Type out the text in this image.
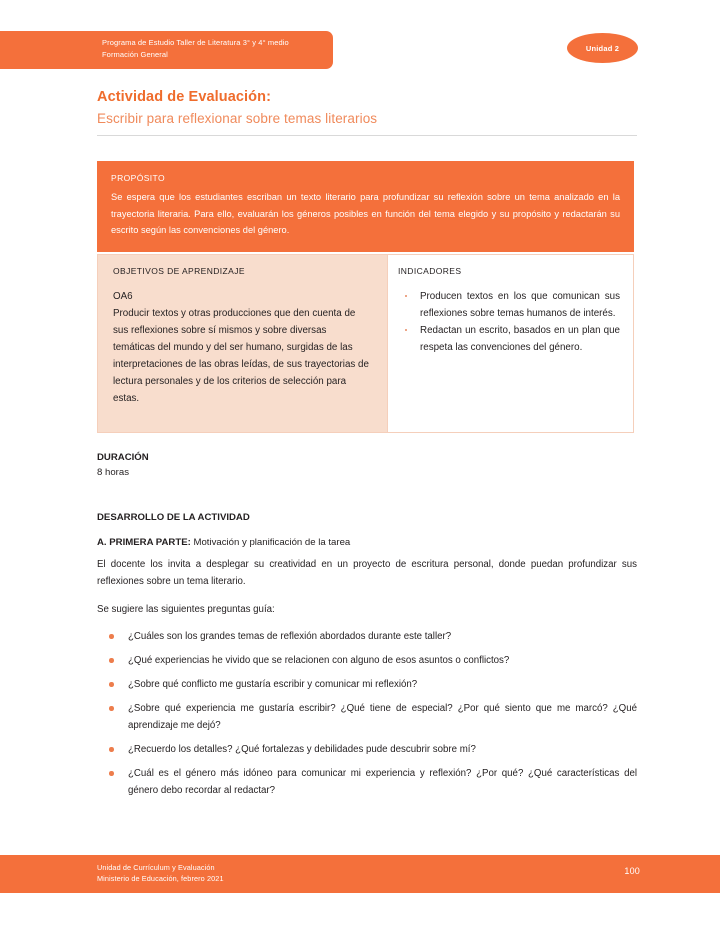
Programa de Estudio Taller de Literatura 3° y 4° medio
Formación General
Unidad 2
Actividad de Evaluación:
Escribir para reflexionar sobre temas literarios
PROPÓSITO
Se espera que los estudiantes escriban un texto literario para profundizar su reflexión sobre un tema analizado en la trayectoria literaria. Para ello, evaluarán los géneros posibles en función del tema elegido y su propósito y redactarán su escrito según las convenciones del género.
OBJETIVOS DE APRENDIZAJE
OA6
Producir textos y otras producciones que den cuenta de sus reflexiones sobre sí mismos y sobre diversas temáticas del mundo y del ser humano, surgidas de las interpretaciones de las obras leídas, de sus trayectorias de lectura personales y de los criterios de selección para estas.
INDICADORES
Producen textos en los que comunican sus reflexiones sobre temas humanos de interés.
Redactan un escrito, basados en un plan que respeta las convenciones del género.
DURACIÓN
8 horas
DESARROLLO DE LA ACTIVIDAD
A. PRIMERA PARTE: Motivación y planificación de la tarea
El docente los invita a desplegar su creatividad en un proyecto de escritura personal, donde puedan profundizar sus reflexiones sobre un tema literario.
Se sugiere las siguientes preguntas guía:
¿Cuáles son los grandes temas de reflexión abordados durante este taller?
¿Qué experiencias he vivido que se relacionen con alguno de esos asuntos o conflictos?
¿Sobre qué conflicto me gustaría escribir y comunicar mi reflexión?
¿Sobre qué experiencia me gustaría escribir? ¿Qué tiene de especial? ¿Por qué siento que me marcó? ¿Qué aprendizaje me dejó?
¿Recuerdo los detalles? ¿Qué fortalezas y debilidades pude descubrir sobre mí?
¿Cuál es el género más idóneo para comunicar mi experiencia y reflexión? ¿Por qué? ¿Qué características del género debo recordar al redactar?
Unidad de Currículum y Evaluación
Ministerio de Educación, febrero 2021
100
